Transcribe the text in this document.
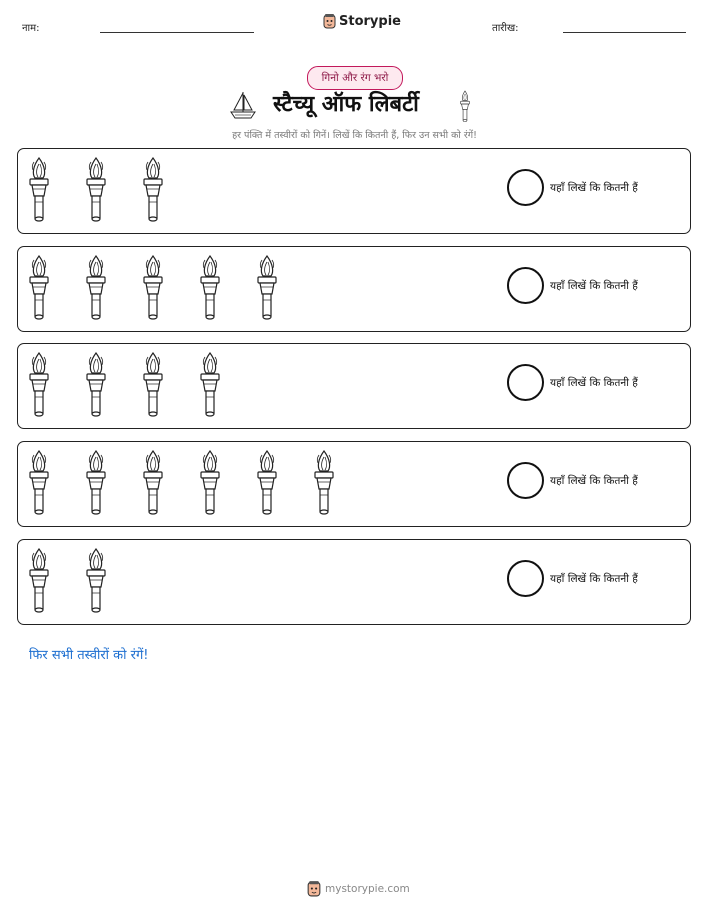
नाम:	Storypie	तारीख:
गिनो और रंग भरो
स्टैच्यू ऑफ लिबर्टी
हर पंक्ति में तस्वीरों को गिनें। लिखें कि कितनी हैं, फिर उन सभी को रंगें!
यहाँ लिखें कि कितनी हैं
यहाँ लिखें कि कितनी हैं
यहाँ लिखें कि कितनी हैं
यहाँ लिखें कि कितनी हैं
यहाँ लिखें कि कितनी हैं
फिर सभी तस्वीरों को रंगें!
mystorypie.com
